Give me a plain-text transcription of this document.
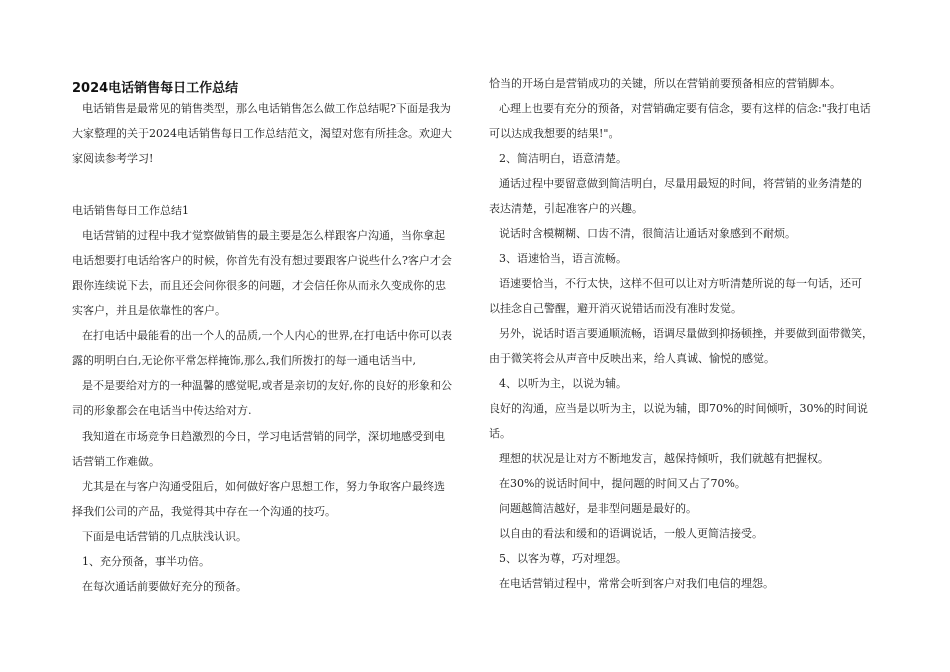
2024电话销售每日工作总结
电话销售是最常见的销售类型，那么电话销售怎么做工作总结呢?下面是我为
大家整理的关于2024电话销售每日工作总结范文，渴望对您有所挂念。欢迎大
家阅读参考学习!
电话销售每日工作总结1
电话营销的过程中我才觉察做销售的最主要是怎么样跟客户沟通，当你拿起
电话想要打电话给客户的时候，你首先有没有想过要跟客户说些什么?客户才会
跟你连续说下去，而且还会问你很多的问题，才会信任你从而永久变成你的忠
实客户，并且是依靠性的客户。
在打电话中最能看的出一个人的品质,一个人内心的世界,在打电话中你可以表
露的明明白白,无论你平常怎样掩饰,那么,我们所拨打的每一通电话当中,
是不是要给对方的一种温馨的感觉呢,或者是亲切的友好,你的良好的形象和公
司的形象都会在电话当中传达给对方.
我知道在市场竞争日趋激烈的今日，学习电话营销的同学，深切地感受到电
话营销工作难做。
尤其是在与客户沟通受阻后，如何做好客户思想工作，努力争取客户最终选
择我们公司的产品，我觉得其中存在一个沟通的技巧。
下面是电话营销的几点肤浅认识。
1、充分预备，事半功倍。
在每次通话前要做好充分的预备。
恰当的开场白是营销成功的关键，所以在营销前要预备相应的营销脚本。
心理上也要有充分的预备，对营销确定要有信念，要有这样的信念:"我打电话
可以达成我想要的结果!"。
2、简洁明白，语意清楚。
通话过程中要留意做到简洁明白，尽量用最短的时间，将营销的业务清楚的
表达清楚，引起准客户的兴趣。
说话时含模糊糊、口齿不清，很简洁让通话对象感到不耐烦。
3、语速恰当，语言流畅。
语速要恰当，不行太快，这样不但可以让对方听清楚所说的每一句话，还可
以挂念自己警醒，避开消灭说错话而没有准时发觉。
另外，说话时语言要通顺流畅，语调尽量做到抑扬顿挫，并要做到面带微笑，
由于微笑将会从声音中反映出来，给人真诚、愉悦的感觉。
4、以听为主，以说为辅。
良好的沟通，应当是以听为主，以说为辅，即70%的时间倾听，30%的时间说
话。
理想的状况是让对方不断地发言，越保持倾听，我们就越有把握权。
在30%的说话时间中，提问题的时间又占了70%。
问题越简洁越好，是非型问题是最好的。
以自由的看法和缓和的语调说话，一般人更简洁接受。
5、以客为尊，巧对埋怨。
在电话营销过程中，常常会听到客户对我们电信的埋怨。
